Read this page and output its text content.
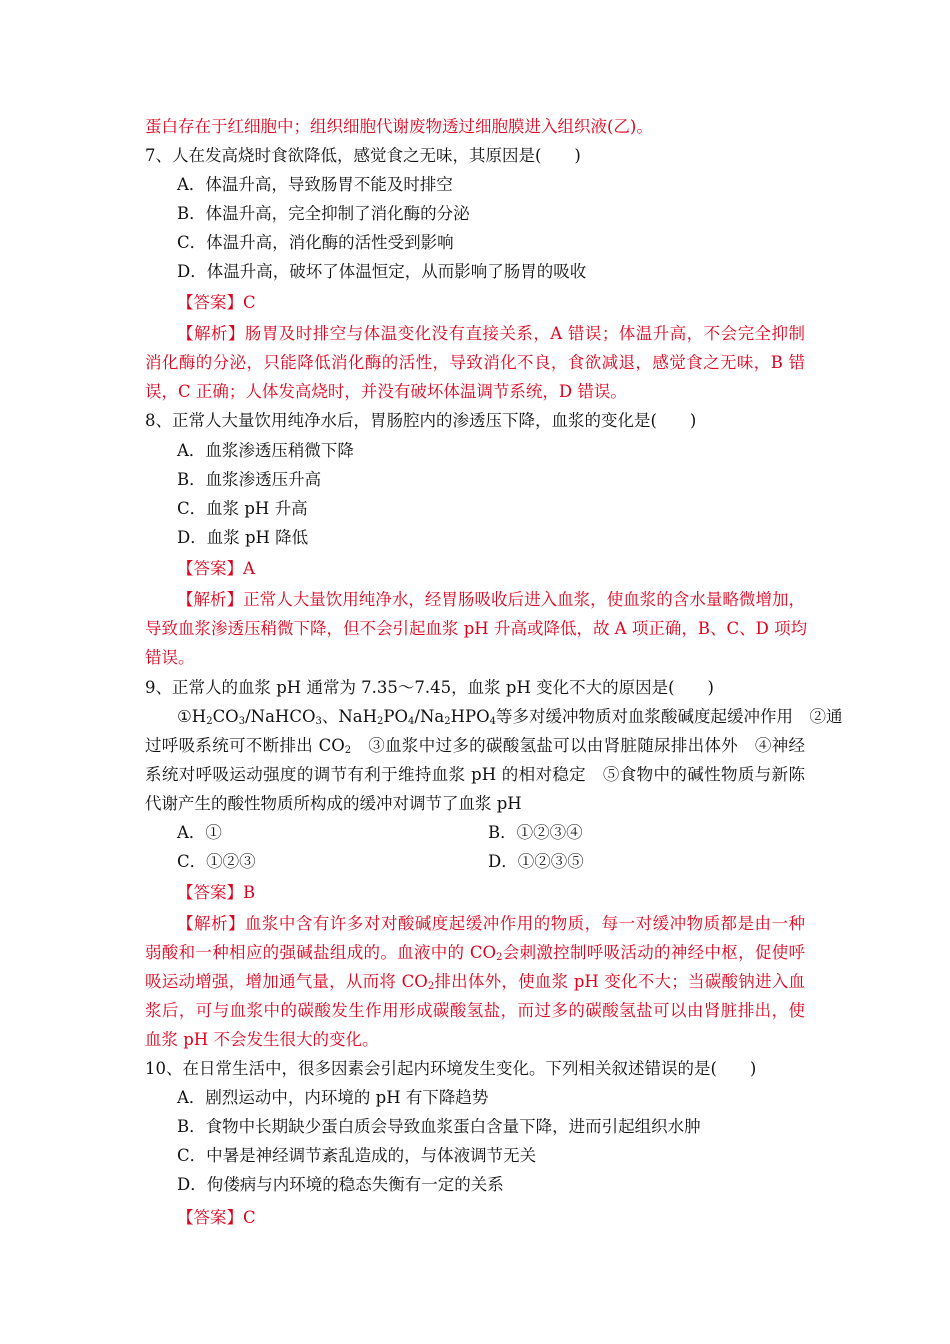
蛋白存在于红细胞中；组织细胞代谢废物透过细胞膜进入组织液(乙)。
7、人在发高烧时食欲降低，感觉食之无味，其原因是(　　)
A．体温升高，导致肠胃不能及时排空
B．体温升高，完全抑制了消化酶的分泌
C．体温升高，消化酶的活性受到影响
D．体温升高，破坏了体温恒定，从而影响了肠胃的吸收
【答案】C
【解析】肠胃及时排空与体温变化没有直接关系，A 错误；体温升高，不会完全抑制
消化酶的分泌，只能降低消化酶的活性，导致消化不良，食欲减退，感觉食之无味，B 错
误，C 正确；人体发高烧时，并没有破坏体温调节系统，D 错误。
8、正常人大量饮用纯净水后，胃肠腔内的渗透压下降，血浆的变化是(　　)
A．血浆渗透压稍微下降
B．血浆渗透压升高
C．血浆 pH 升高
D．血浆 pH 降低
【答案】A
【解析】正常人大量饮用纯净水，经胃肠吸收后进入血浆，使血浆的含水量略微增加，
导致血浆渗透压稍微下降，但不会引起血浆 pH 升高或降低，故 A 项正确，B、C、D 项均
错误。
9、正常人的血浆 pH 通常为 7.35～7.45，血浆 pH 变化不大的原因是(　　)
$①H_2CO_3/NaHCO_3$、$NaH_2PO_4/Na_2HPO_4$等多对缓冲物质对血浆酸碱度起缓冲作用　②通
过呼吸系统可不断排出 $CO_2$　③血浆中过多的碳酸氢盐可以由肾脏随尿排出体外　④神经
系统对呼吸运动强度的调节有利于维持血浆 pH 的相对稳定　⑤食物中的碱性物质与新陈
代谢产生的酸性物质所构成的缓冲对调节了血浆 pH
A．①	B．①②③④
C．①②③	D．①②③⑤
【答案】B
【解析】血浆中含有许多对对酸碱度起缓冲作用的物质，每一对缓冲物质都是由一种
弱酸和一种相应的强碱盐组成的。血液中的 $CO_2$会刺激控制呼吸活动的神经中枢，促使呼
吸运动增强，增加通气量，从而将 $CO_2$排出体外，使血浆 pH 变化不大；当碳酸钠进入血
浆后，可与血浆中的碳酸发生作用形成碳酸氢盐，而过多的碳酸氢盐可以由肾脏排出，使
血浆 pH 不会发生很大的变化。
10、在日常生活中，很多因素会引起内环境发生变化。下列相关叙述错误的是(　　)
A．剧烈运动中，内环境的 pH 有下降趋势
B．食物中长期缺少蛋白质会导致血浆蛋白含量下降，进而引起组织水肿
C．中暑是神经调节紊乱造成的，与体液调节无关
D．佝偻病与内环境的稳态失衡有一定的关系
【答案】C
